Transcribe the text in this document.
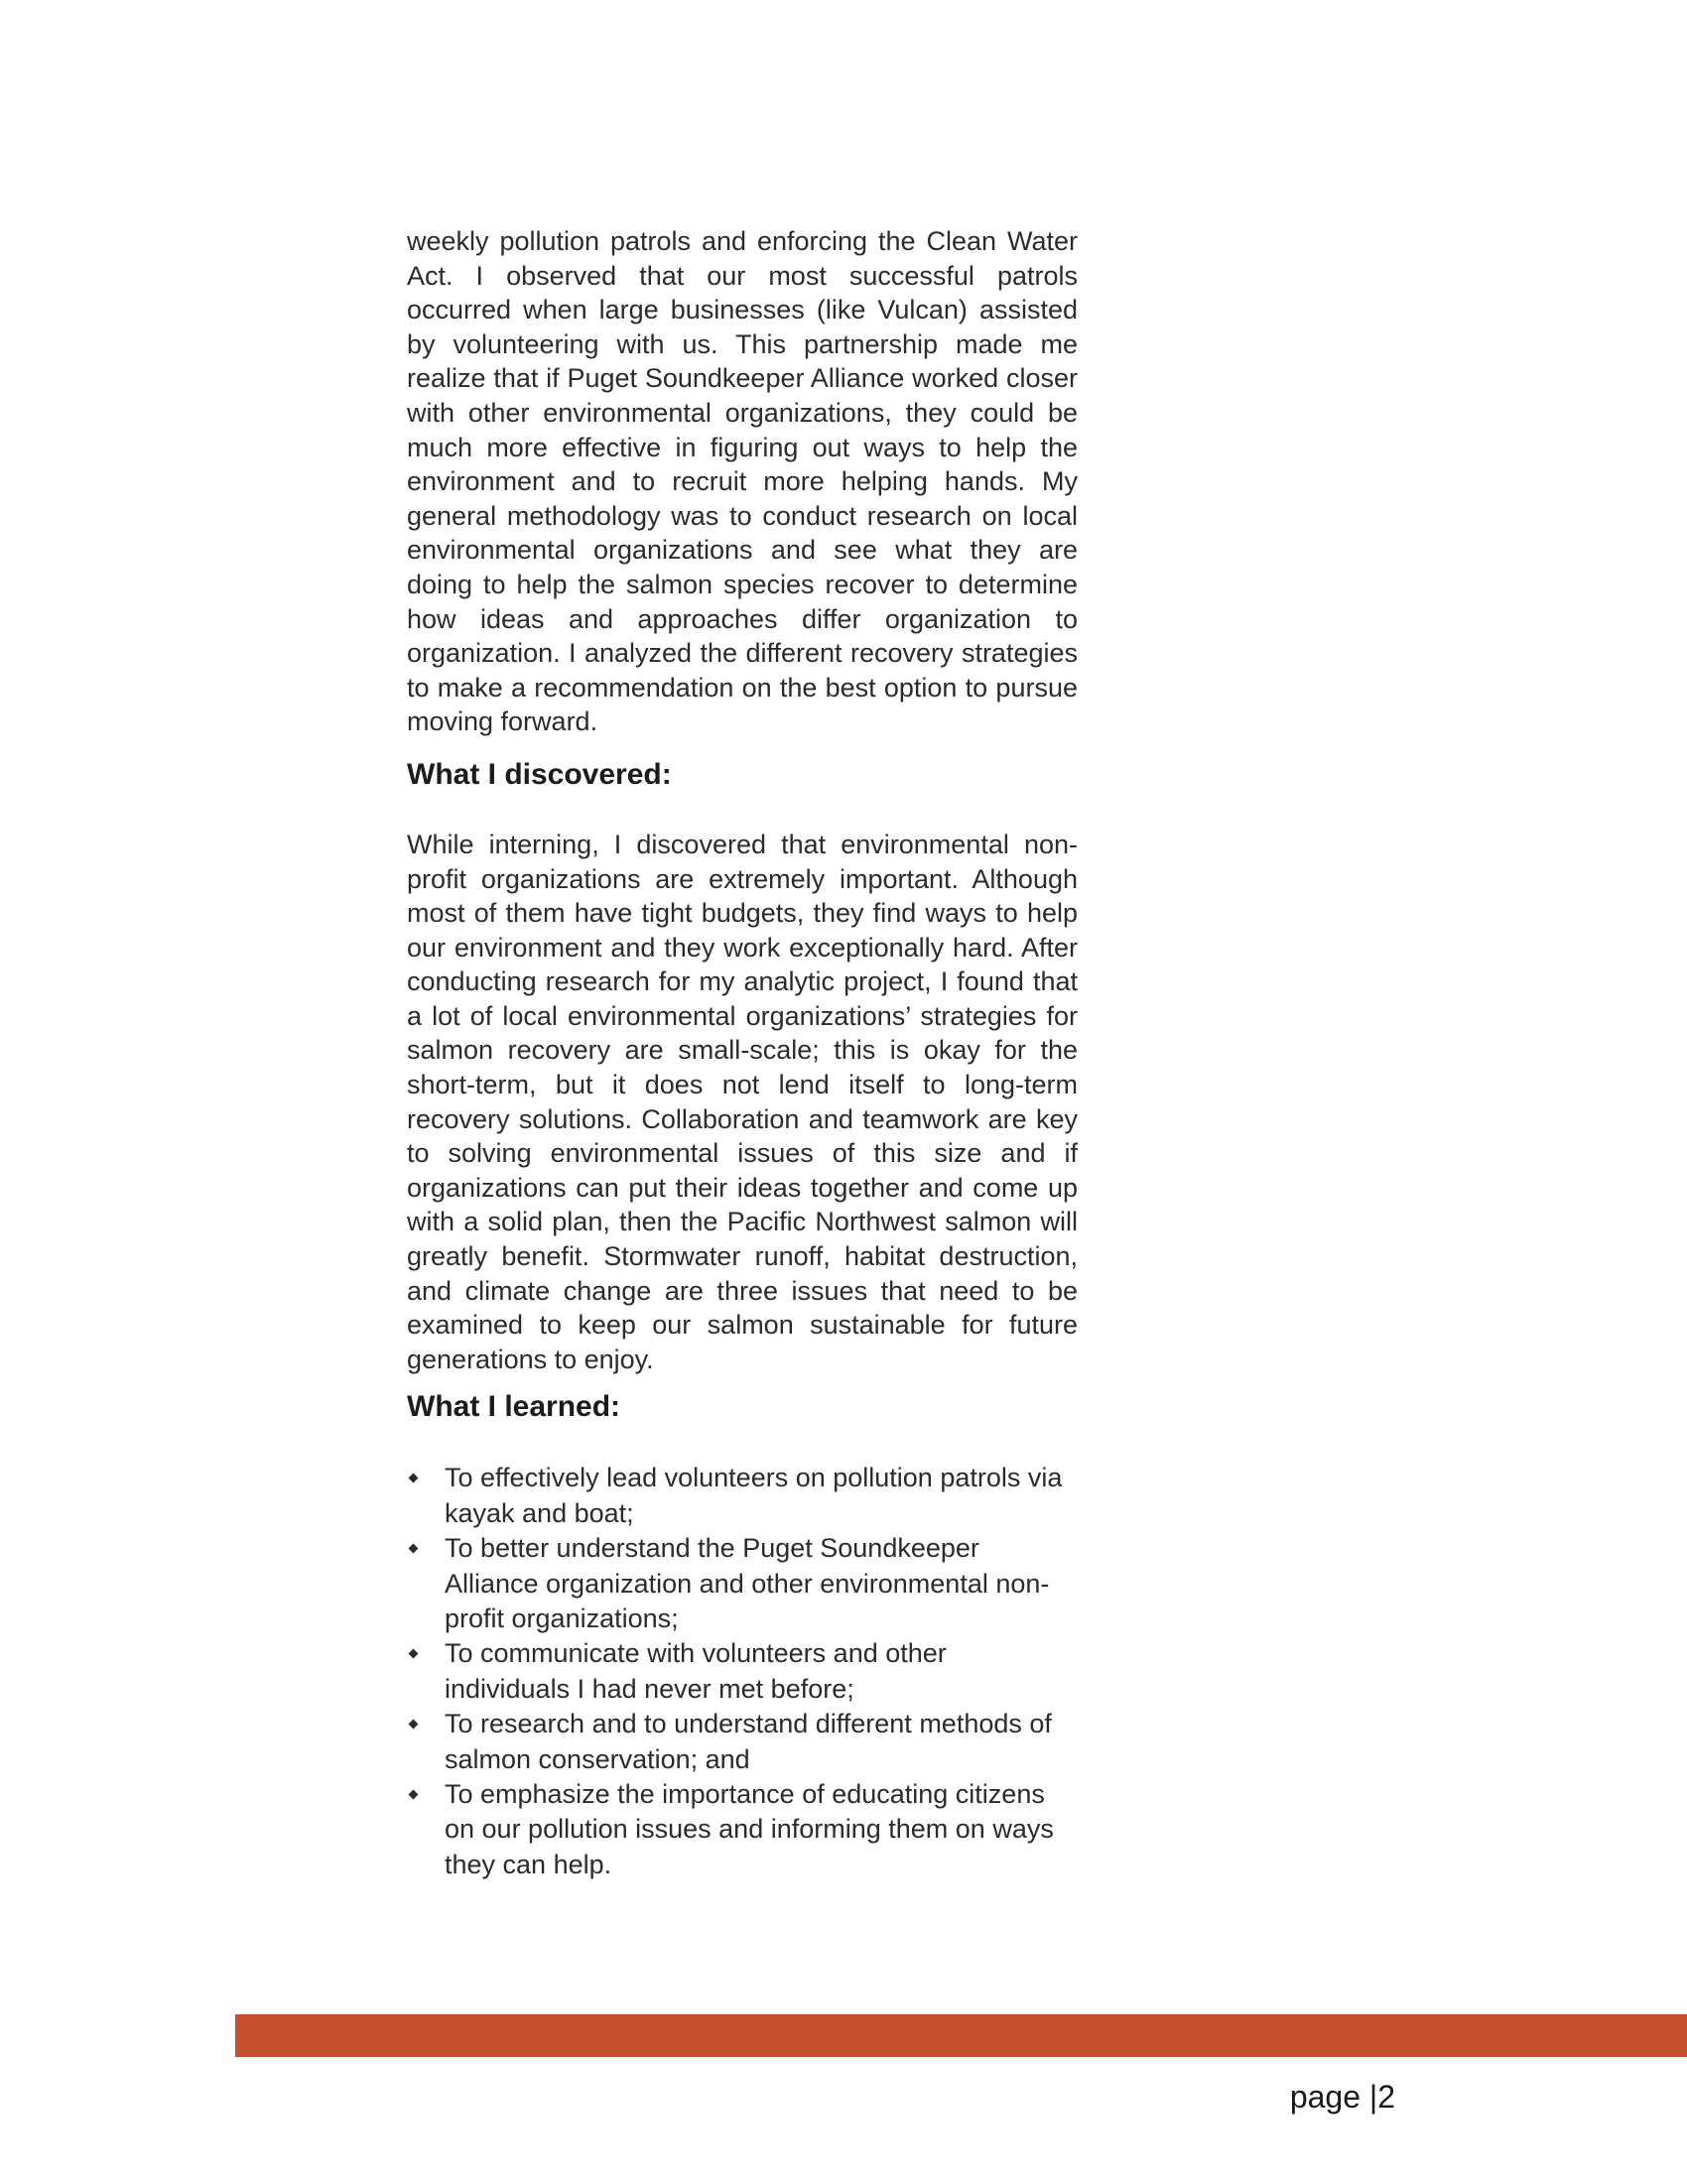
weekly pollution patrols and enforcing the Clean Water Act. I observed that our most successful patrols occurred when large businesses (like Vulcan) assisted by volunteering with us. This partnership made me realize that if Puget Soundkeeper Alliance worked closer with other environmental organizations, they could be much more effective in figuring out ways to help the environment and to recruit more helping hands. My general methodology was to conduct research on local environmental organizations and see what they are doing to help the salmon species recover to determine how ideas and approaches differ organization to organization. I analyzed the different recovery strategies to make a recommendation on the best option to pursue moving forward.

What I discovered:

While interning, I discovered that environmental non-profit organizations are extremely important. Although most of them have tight budgets, they find ways to help our environment and they work exceptionally hard. After conducting research for my analytic project, I found that a lot of local environmental organizations’ strategies for salmon recovery are small-scale; this is okay for the short-term, but it does not lend itself to long-term recovery solutions. Collaboration and teamwork are key to solving environmental issues of this size and if organizations can put their ideas together and come up with a solid plan, then the Pacific Northwest salmon will greatly benefit. Stormwater runoff, habitat destruction, and climate change are three issues that need to be examined to keep our salmon sustainable for future generations to enjoy.

What I learned:
To effectively lead volunteers on pollution patrols via kayak and boat;
To better understand the Puget Soundkeeper Alliance organization and other environmental non-profit organizations;
To communicate with volunteers and other individuals I had never met before;
To research and to understand different methods of salmon conservation; and
To emphasize the importance of educating citizens on our pollution issues and informing them on ways they can help.
page |2
